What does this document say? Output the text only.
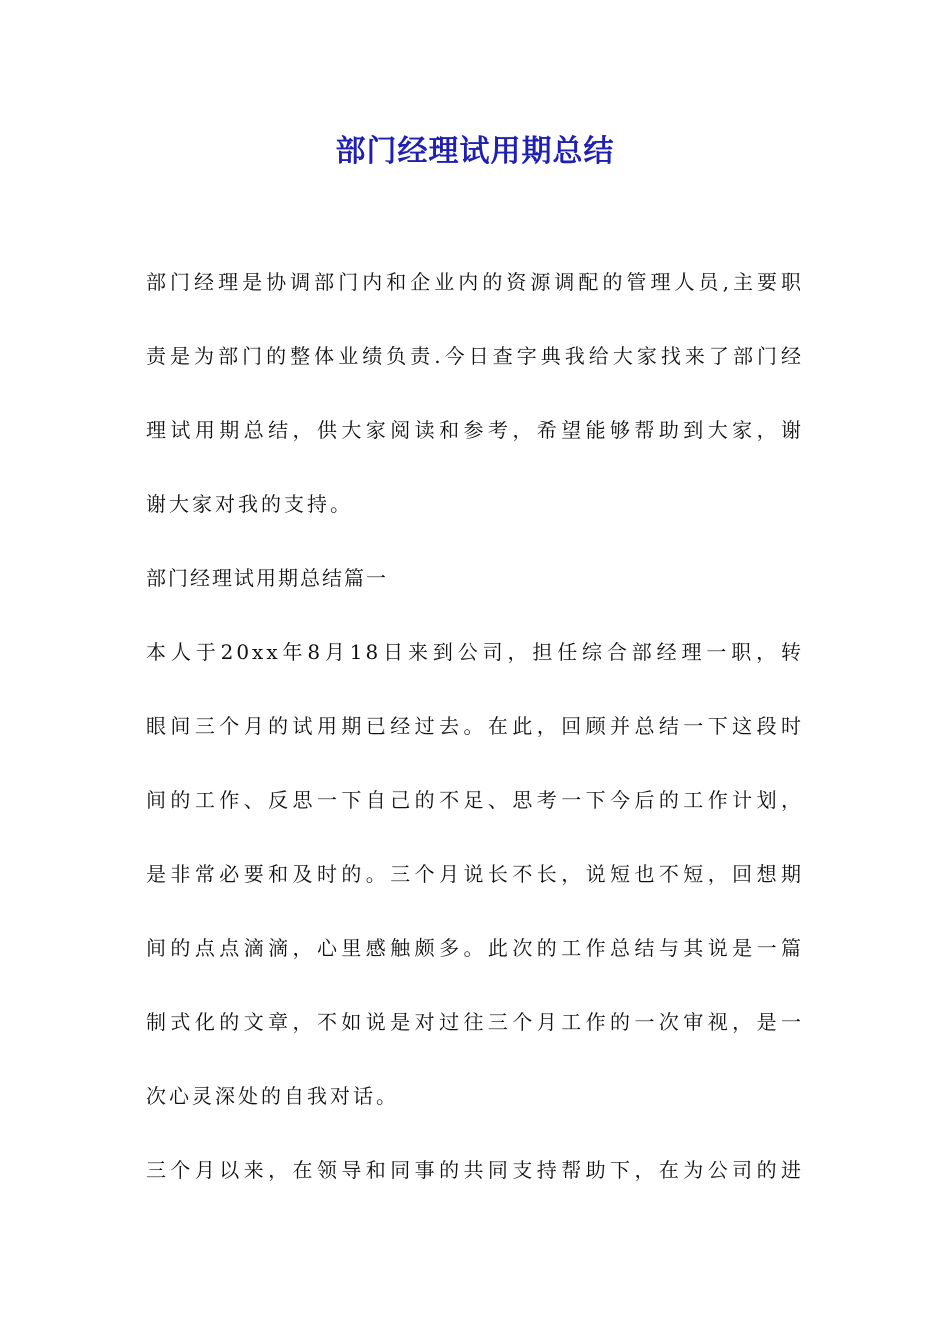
部门经理试用期总结
部门经理是协调部门内和企业内的资源调配的管理人员,主要职
责是为部门的整体业绩负责.今日查字典我给大家找来了部门经
理试用期总结，供大家阅读和参考，希望能够帮助到大家，谢
谢大家对我的支持。
部门经理试用期总结篇一
本人于20xx年8月18日来到公司，担任综合部经理一职，转
眼间三个月的试用期已经过去。在此，回顾并总结一下这段时
间的工作、反思一下自己的不足、思考一下今后的工作计划，
是非常必要和及时的。三个月说长不长，说短也不短，回想期
间的点点滴滴，心里感触颇多。此次的工作总结与其说是一篇
制式化的文章，不如说是对过往三个月工作的一次审视，是一
次心灵深处的自我对话。
三个月以来，在领导和同事的共同支持帮助下，在为公司的进
